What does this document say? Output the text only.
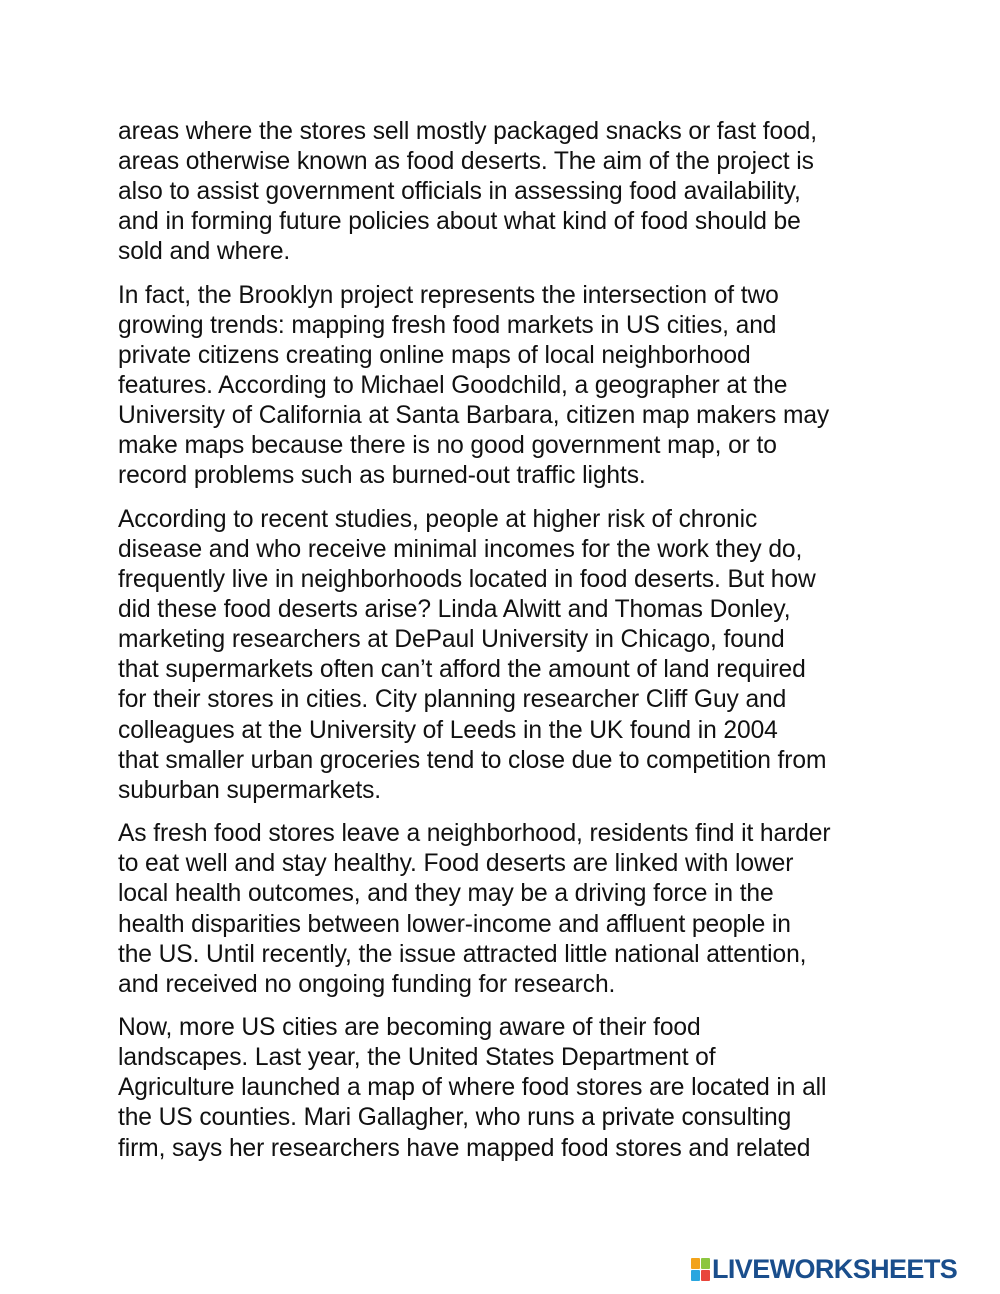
areas where the stores sell mostly packaged snacks or fast food,
areas otherwise known as food deserts. The aim of the project is
also to assist government officials in assessing food availability,
and in forming future policies about what kind of food should be
sold and where.
In fact, the Brooklyn project represents the intersection of two
growing trends: mapping fresh food markets in US cities, and
private citizens creating online maps of local neighborhood
features. According to Michael Goodchild, a geographer at the
University of California at Santa Barbara, citizen map makers may
make maps because there is no good government map, or to
record problems such as burned-out traffic lights.
According to recent studies, people at higher risk of chronic
disease and who receive minimal incomes for the work they do,
frequently live in neighborhoods located in food deserts. But how
did these food deserts arise? Linda Alwitt and Thomas Donley,
marketing researchers at DePaul University in Chicago, found
that supermarkets often can’t afford the amount of land required
for their stores in cities. City planning researcher Cliff Guy and
colleagues at the University of Leeds in the UK found in 2004
that smaller urban groceries tend to close due to competition from
suburban supermarkets.
As fresh food stores leave a neighborhood, residents find it harder
to eat well and stay healthy. Food deserts are linked with lower
local health outcomes, and they may be a driving force in the
health disparities between lower-income and affluent people in
the US. Until recently, the issue attracted little national attention,
and received no ongoing funding for research.
Now, more US cities are becoming aware of their food
landscapes. Last year, the United States Department of
Agriculture launched a map of where food stores are located in all
the US counties. Mari Gallagher, who runs a private consulting
firm, says her researchers have mapped food stores and related
LIVEWORKSHEETS
